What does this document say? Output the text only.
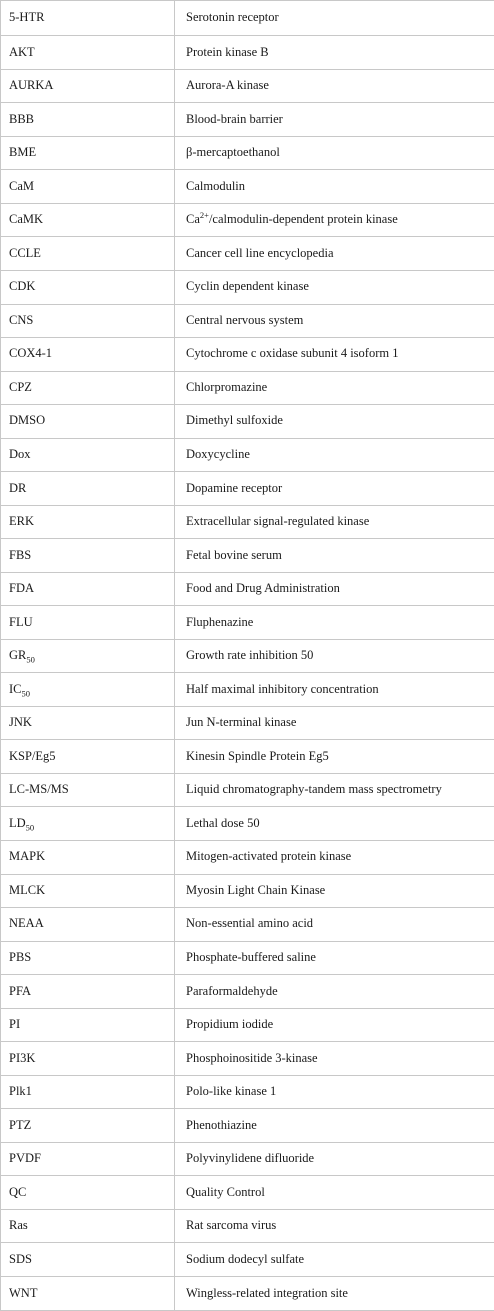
5-HTR	Serotonin receptor
AKT	Protein kinase B
AURKA	Aurora-A kinase
BBB	Blood-brain barrier
BME	β-mercaptoethanol
CaM	Calmodulin
CaMK	$Ca^{2+}/calmodulin$-dependent protein kinase
CCLE	Cancer cell line encyclopedia
CDK	Cyclin dependent kinase
CNS	Central nervous system
COX4-1	Cytochrome c oxidase subunit 4 isoform 1
CPZ	Chlorpromazine
DMSO	Dimethyl sulfoxide
Dox	Doxycycline
DR	Dopamine receptor
ERK	Extracellular signal-regulated kinase
FBS	Fetal bovine serum
FDA	Food and Drug Administration
FLU	Fluphenazine
$GR_{50}$	Growth rate inhibition 50
$IC_{50}$	Half maximal inhibitory concentration
JNK	Jun N-terminal kinase
KSP/Eg5	Kinesin Spindle Protein Eg5
LC-MS/MS	Liquid chromatography-tandem mass spectrometry
$LD_{50}$	Lethal dose 50
MAPK	Mitogen-activated protein kinase
MLCK	Myosin Light Chain Kinase
NEAA	Non-essential amino acid
PBS	Phosphate-buffered saline
PFA	Paraformaldehyde
PI	Propidium iodide
PI3K	Phosphoinositide 3-kinase
Plk1	Polo-like kinase 1
PTZ	Phenothiazine
PVDF	Polyvinylidene difluoride
QC	Quality Control
Ras	Rat sarcoma virus
SDS	Sodium dodecyl sulfate
WNT	Wingless-related integration site
